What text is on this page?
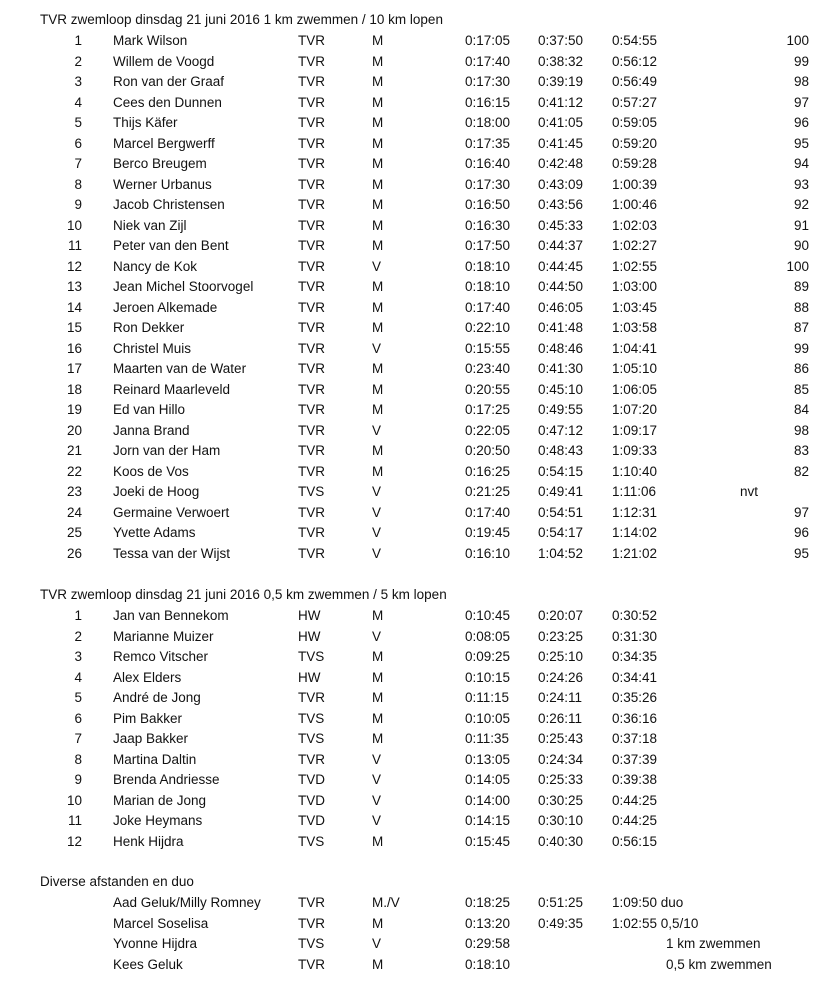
TVR zwemloop dinsdag 21 juni 2016 1 km zwemmen / 10 km lopen
1 Mark Wilson	TVR	M	0:17:05 0:37:50 0:54:55	100
2 Willem de Voogd	TVR	M	0:17:40 0:38:32 0:56:12	99
3 Ron van der Graaf	TVR	M	0:17:30 0:39:19 0:56:49	98
4 Cees den Dunnen	TVR	M	0:16:15 0:41:12 0:57:27	97
5 Thijs Käfer	TVR	M	0:18:00 0:41:05 0:59:05	96
6 Marcel Bergwerff	TVR	M	0:17:35 0:41:45 0:59:20	95
7 Berco Breugem	TVR	M	0:16:40 0:42:48 0:59:28	94
8 Werner Urbanus	TVR	M	0:17:30 0:43:09 1:00:39	93
9 Jacob Christensen	TVR	M	0:16:50 0:43:56 1:00:46	92
10 Niek van Zijl	TVR	M	0:16:30 0:45:33 1:02:03	91
11 Peter van den Bent	TVR	M	0:17:50 0:44:37 1:02:27	90
12 Nancy de Kok	TVR	V	0:18:10 0:44:45 1:02:55	100
13 Jean Michel Stoorvogel	TVR	M	0:18:10 0:44:50 1:03:00	89
14 Jeroen Alkemade	TVR	M	0:17:40 0:46:05 1:03:45	88
15 Ron Dekker	TVR	M	0:22:10 0:41:48 1:03:58	87
16 Christel Muis	TVR	V	0:15:55 0:48:46 1:04:41	99
17 Maarten van de Water	TVR	M	0:23:40 0:41:30 1:05:10	86
18 Reinard Maarleveld	TVR	M	0:20:55 0:45:10 1:06:05	85
19 Ed van Hillo	TVR	M	0:17:25 0:49:55 1:07:20	84
20 Janna Brand	TVR	V	0:22:05 0:47:12 1:09:17	98
21 Jorn van der Ham	TVR	M	0:20:50 0:48:43 1:09:33	83
22 Koos de Vos	TVR	M	0:16:25 0:54:15 1:10:40	82
23 Joeki de Hoog	TVS	V	0:21:25 0:49:41 1:11:06	nvt
24 Germaine Verwoert	TVR	V	0:17:40 0:54:51 1:12:31	97
25 Yvette Adams	TVR	V	0:19:45 0:54:17 1:14:02	96
26 Tessa van der Wijst	TVR	V	0:16:10 1:04:52 1:21:02	95
TVR zwemloop dinsdag 21 juni 2016 0,5 km zwemmen / 5 km lopen
1 Jan van Bennekom	HW	M	0:10:45 0:20:07 0:30:52
2 Marianne Muizer	HW	V	0:08:05 0:23:25 0:31:30
3 Remco Vitscher	TVS	M	0:09:25 0:25:10 0:34:35
4 Alex Elders	HW	M	0:10:15 0:24:26 0:34:41
5 André de Jong	TVR	M	0:11:15 0:24:11 0:35:26
6 Pim Bakker	TVS	M	0:10:05 0:26:11 0:36:16
7 Jaap Bakker	TVS	M	0:11:35 0:25:43 0:37:18
8 Martina Daltin	TVR	V	0:13:05 0:24:34 0:37:39
9 Brenda Andriesse	TVD	V	0:14:05 0:25:33 0:39:38
10 Marian de Jong	TVD	V	0:14:00 0:30:25 0:44:25
11 Joke Heymans	TVD	V	0:14:15 0:30:10 0:44:25
12 Henk Hijdra	TVS	M	0:15:45 0:40:30 0:56:15
Diverse afstanden en duo
Aad Geluk/Milly Romney	TVR	M./V	0:18:25 0:51:25 1:09:50 duo
Marcel Soselisa	TVR	M	0:13:20 0:49:35 1:02:55 0,5/10
Yvonne Hijdra	TVS	V	0:29:58	1 km zwemmen
Kees Geluk	TVR	M	0:18:10	0,5 km zwemmen
